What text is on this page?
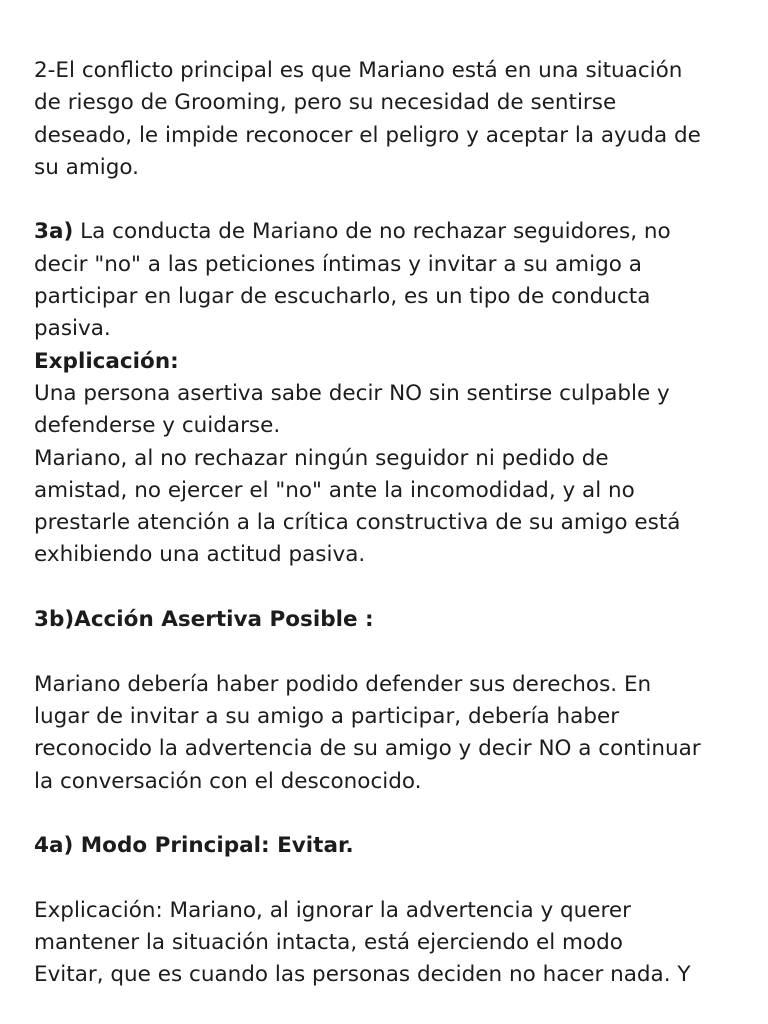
2-El conflicto principal es que Mariano está en una situación

de riesgo de Grooming, pero su necesidad de sentirse

deseado, le impide reconocer el peligro y aceptar la ayuda de

su amigo.

3a) La conducta de Mariano de no rechazar seguidores, no

decir "no" a las peticiones íntimas y invitar a su amigo a

participar en lugar de escucharlo, es un tipo de conducta

pasiva.

Explicación:

Una persona asertiva sabe decir NO sin sentirse culpable y

defenderse y cuidarse.

Mariano, al no rechazar ningún seguidor ni pedido de

amistad, no ejercer el "no" ante la incomodidad, y al no

prestarle atención a la crítica constructiva de su amigo está

exhibiendo una actitud pasiva.

3b)Acción Asertiva Posible :

Mariano debería haber podido defender sus derechos. En

lugar de invitar a su amigo a participar, debería haber

reconocido la advertencia de su amigo y decir NO a continuar

la conversación con el desconocido.

4a) Modo Principal: Evitar.

Explicación: Mariano, al ignorar la advertencia y querer

mantener la situación intacta, está ejerciendo el modo

Evitar, que es cuando las personas deciden no hacer nada. Y
